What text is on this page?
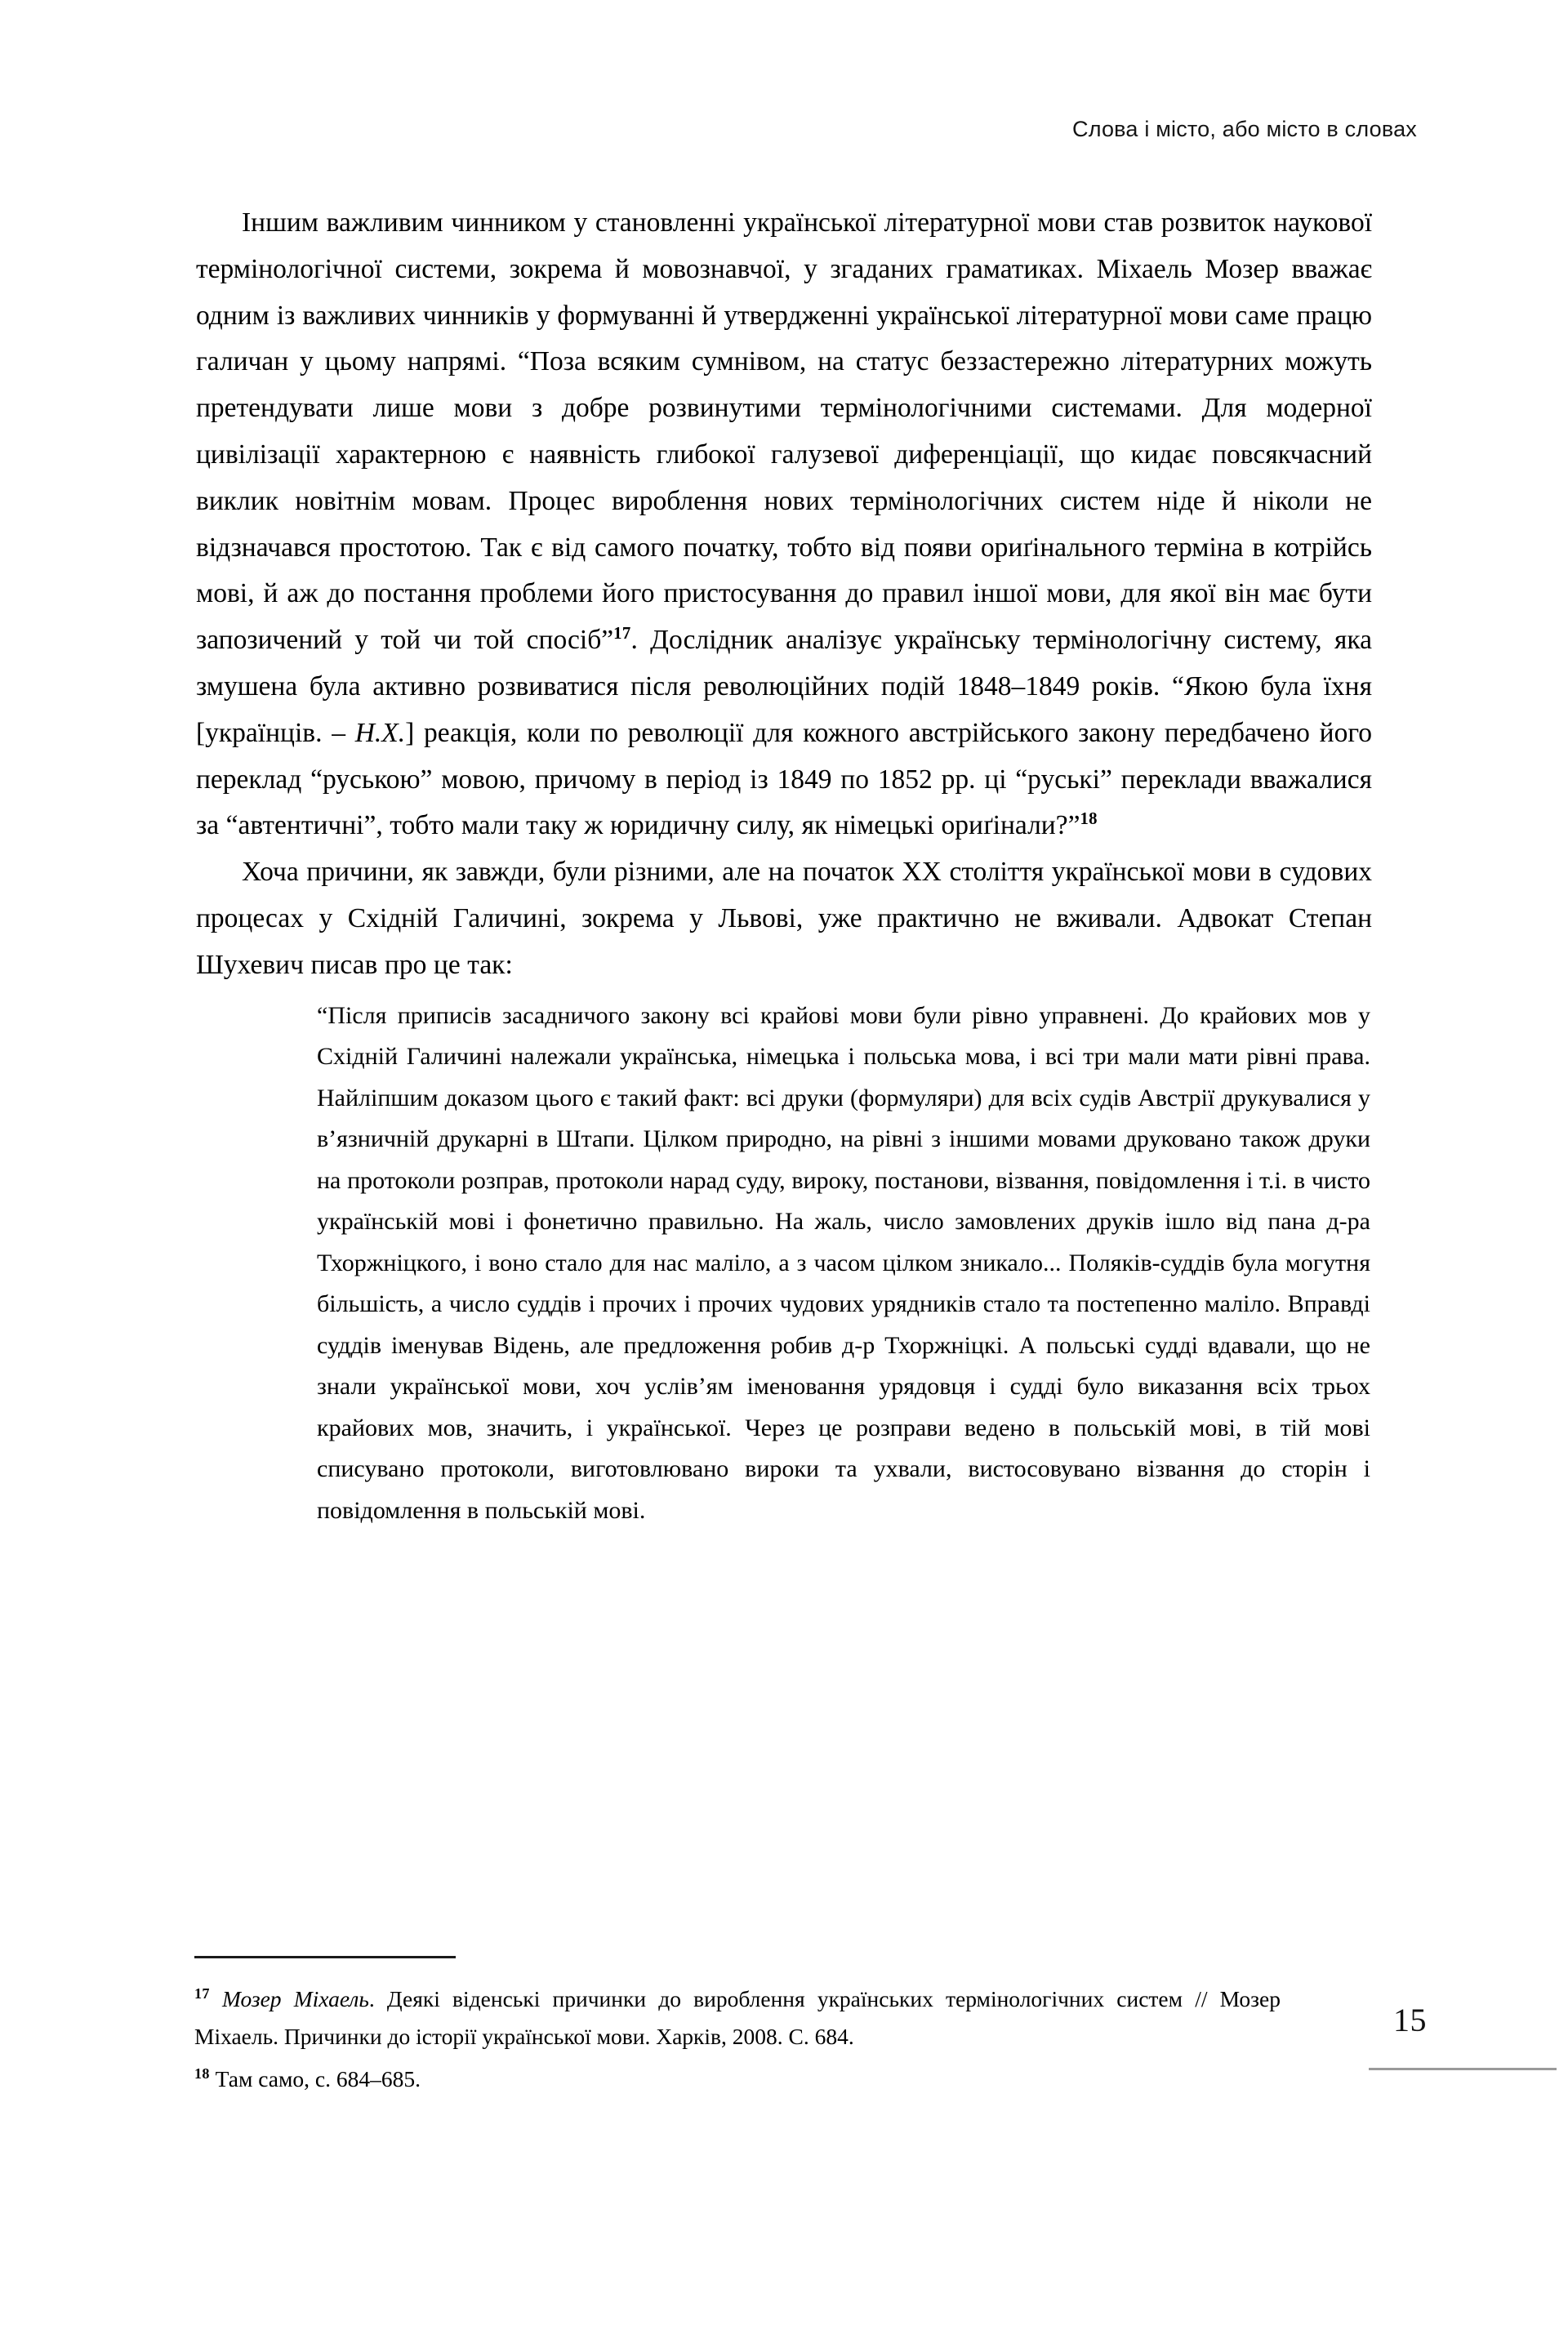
Слова і місто, або місто в словах

Іншим важливим чинником у становленні української літературної мови став розвиток наукової термінологічної системи, зокрема й мовознавчої, у згаданих граматиках. Міхаель Мозер вважає одним із важливих чинників у формуванні й утвердженні української літературної мови саме працю галичан у цьому напрямі. “Поза всяким сумнівом, на статус беззастережно літературних можуть претендувати лише мови з добре розвинутими термінологічними системами. Для модерної цивілізації характерною є наявність глибокої галузевої диференціації, що кидає повсякчасний виклик новітнім мовам. Процес вироблення нових термінологічних систем ніде й ніколи не відзначався простотою. Так є від самого початку, тобто від появи ориґінального терміна в котрійсь мові, й аж до постання проблеми його пристосування до правил іншої мови, для якої він має бути запозичений у той чи той спосіб”$^{17}$. Дослідник аналізує українську термінологічну систему, яка змушена була активно розвиватися після революційних подій 1848–1849 років. “Якою була їхня [українців. – Н.Х.] реакція, коли по революції для кожного австрійського закону передбачено його переклад “руською” мовою, причому в період із 1849 по 1852 рр. ці “руські” переклади вважалися за “автентичні”, тобто мали таку ж юридичну силу, як німецькі ориґінали?”$^{18}$

Хоча причини, як завжди, були різними, але на початок XX століття української мови в судових процесах у Східній Галичині, зокрема у Львові, уже практично не вживали. Адвокат Степан Шухевич писав про це так:

“Після приписів засадничого закону всі крайові мови були рівно управнені. До крайових мов у Східній Галичині належали українська, німецька і польська мова, і всі три мали мати рівні права. Найліпшим доказом цього є такий факт: всі друки (формуляри) для всіх судів Австрії друкувалися у в’язничній друкарні в Штапи. Цілком природно, на рівні з іншими мовами друковано також друки на протоколи розправ, протоколи нарад суду, вироку, постанови, візвання, повідомлення і т.і. в чисто українській мові і фонетично правильно. На жаль, число замовлених друків ішло від пана д-ра Тхоржніцкого, і воно стало для нас маліло, а з часом цілком зникало... Поляків-суддів була могутня більшість, а число суддів і прочих і прочих чудових урядників стало та постепенно маліло. Вправді суддів іменував Відень, але предложення робив д-р Тхоржніцкі. А польські судді вдавали, що не знали української мови, хоч услів’ям іменовання урядовця і судді було виказання всіх трьох крайових мов, значить, і української. Через це розправи ведено в польській мові, в тій мові списувано протоколи, виготовлювано вироки та ухвали, вистосовувано візвання до сторін і повідомлення в польській мові.

$^{17}$ Мозер Міхаель. Деякі віденські причинки до вироблення українських термінологічних систем // Мозер Міхаель. Причинки до історії української мови. Харків, 2008. С. 684.

$^{18}$ Там само, с. 684–685.

15
